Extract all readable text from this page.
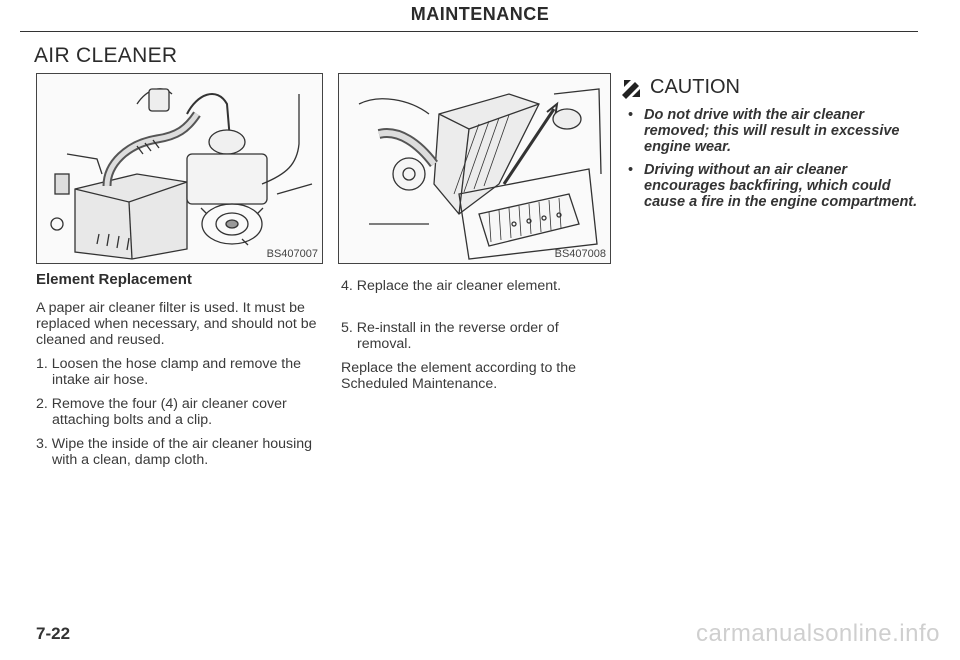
MAINTENANCE
AIR CLEANER
BS407007	BS407008
Element Replacement
A paper air cleaner filter is used. It must be replaced when necessary, and should not be cleaned and reused.
1. Loosen the hose clamp and remove the intake air hose.
2. Remove the four (4) air cleaner cover attaching bolts and a clip.
3. Wipe the inside of the air cleaner housing with a clean, damp cloth.
4. Replace the air cleaner element.
5. Re-install in the reverse order of removal.
Replace the element according to the Scheduled Maintenance.
CAUTION
• Do not drive with the air cleaner removed; this will result in excessive engine wear.
• Driving without an air cleaner encourages backfiring, which could cause a fire in the engine compartment.
7-22	carmanualsonline.info
